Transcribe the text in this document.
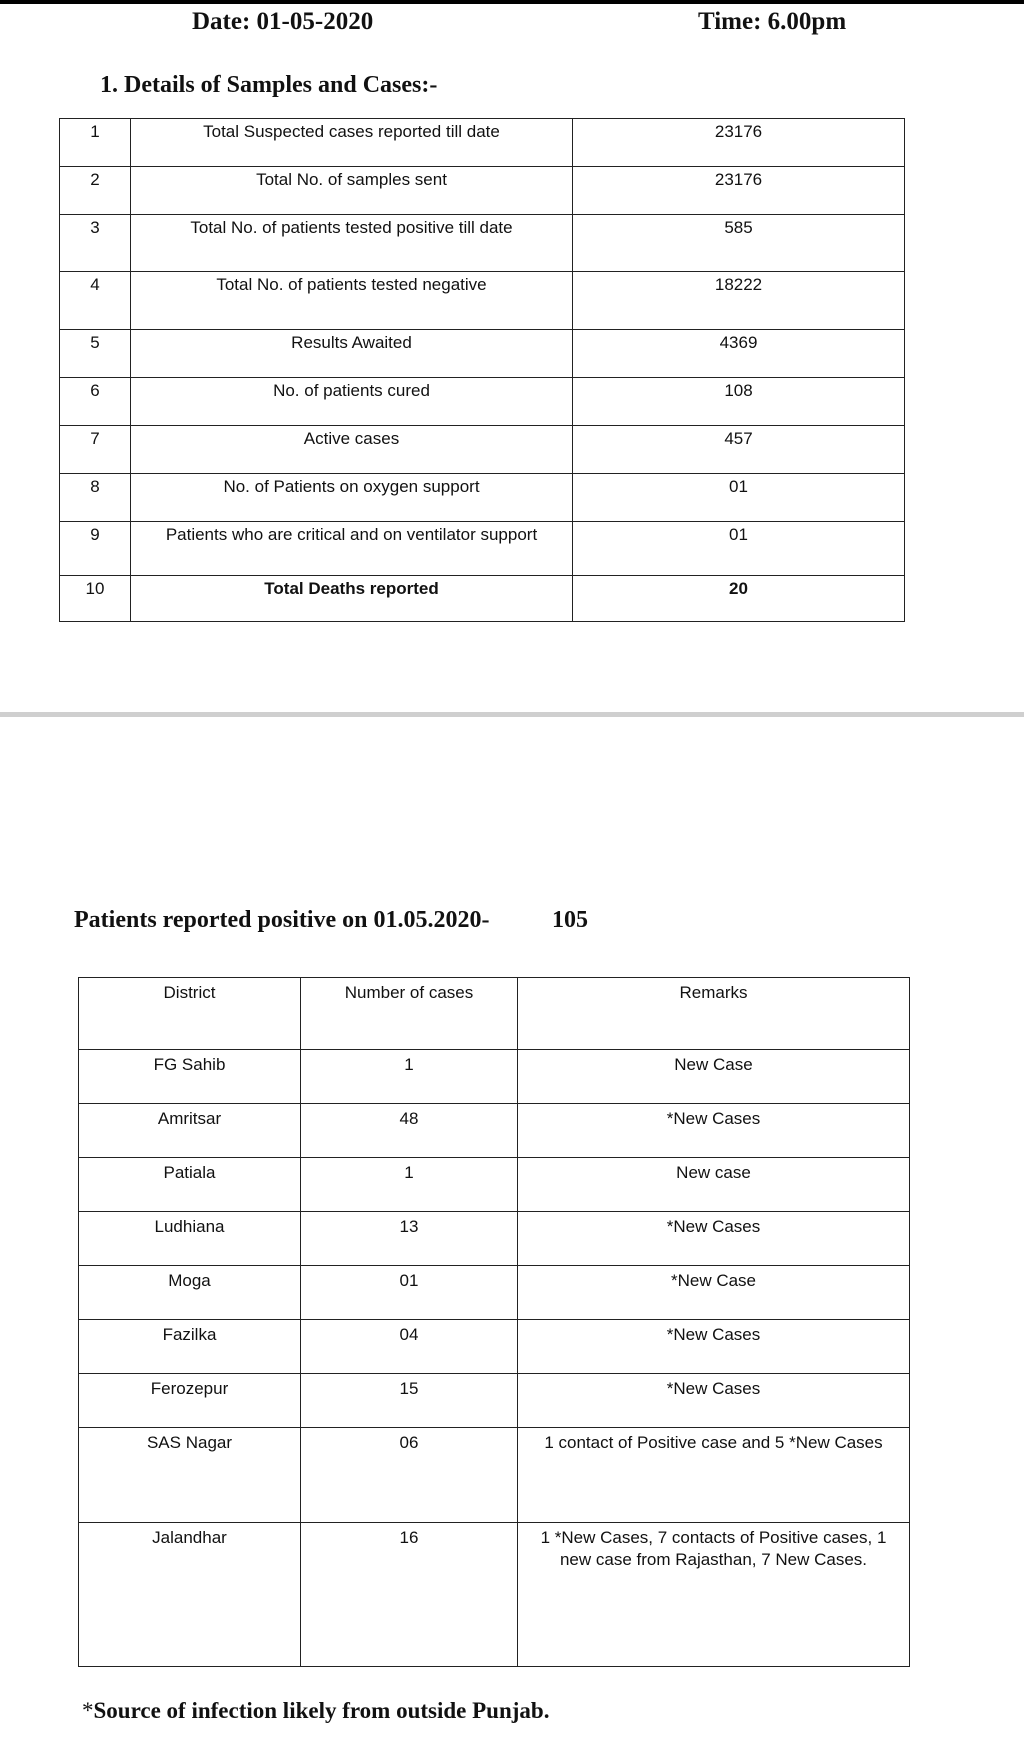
Date: 01-05-2020	Time: 6.00pm
1. Details of Samples and Cases:-
1	Total Suspected cases reported till date	23176
2	Total No. of samples sent	23176
3	Total No. of patients tested positive till date	585
4	Total No. of patients tested negative	18222
5	Results Awaited	4369
6	No. of patients cured	108
7	Active cases	457
8	No. of Patients on oxygen support	01
9	Patients who are critical and on ventilator support	01
10	Total Deaths reported	20
Patients reported positive on 01.05.2020-	105
District	Number of cases	Remarks
FG Sahib	1	New Case
Amritsar	48	*New Cases
Patiala	1	New case
Ludhiana	13	*New Cases
Moga	01	*New Case
Fazilka	04	*New Cases
Ferozepur	15	*New Cases
SAS Nagar	06	1 contact of Positive case and 5 *New Cases
Jalandhar	16	1 *New Cases, 7 contacts of Positive cases, 1 new case from Rajasthan, 7 New Cases.
*Source of infection likely from outside Punjab.
